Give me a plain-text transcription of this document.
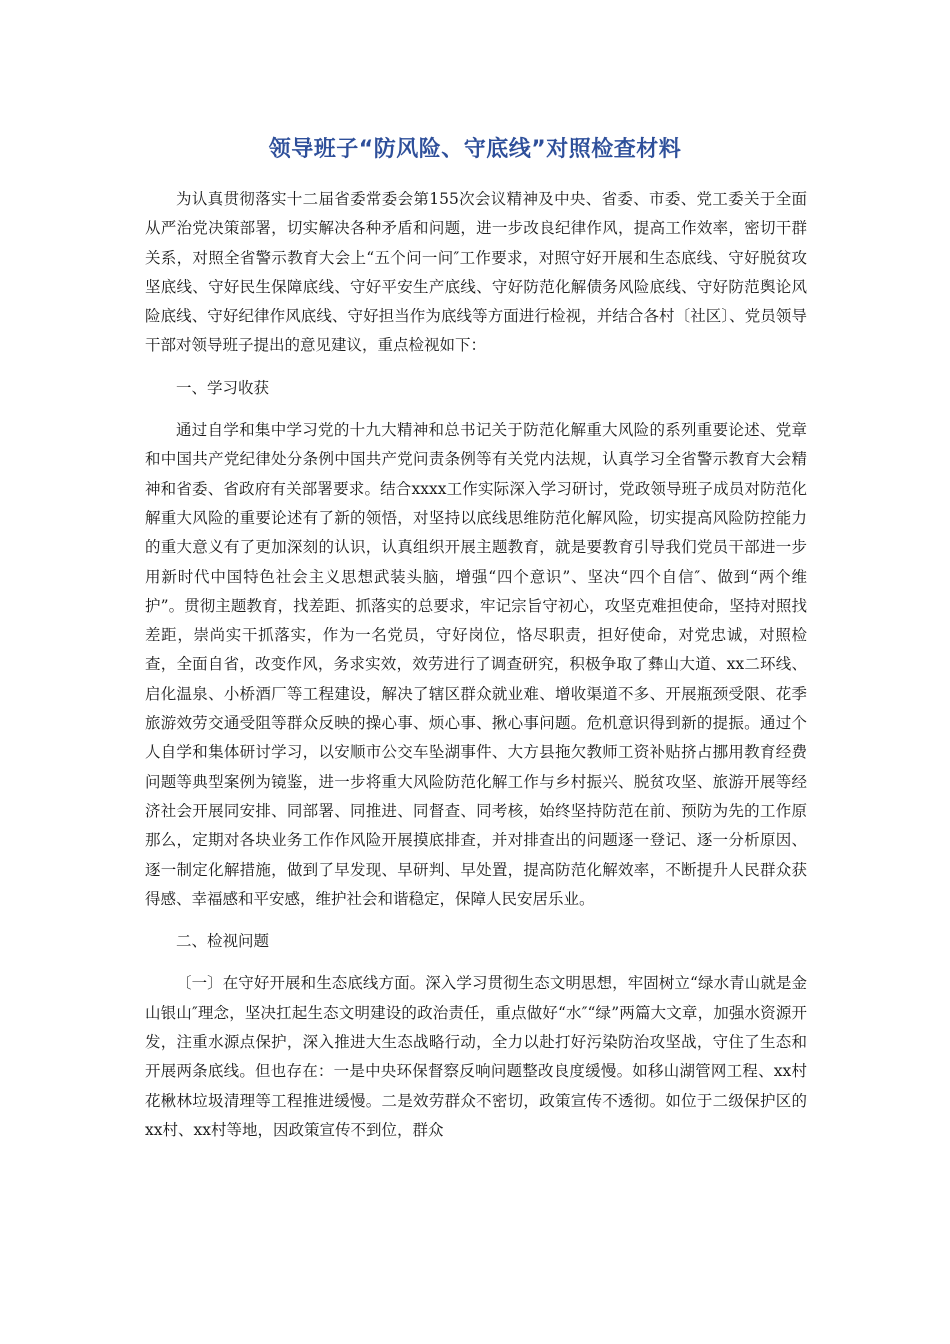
领导班子“防风险、守底线”对照检查材料

为认真贯彻落实十二届省委常委会第155次会议精神及中央、省委、市委、党工委关于全面从严治党决策部署，切实解决各种矛盾和问题，进一步改良纪律作风，提高工作效率，密切干群关系，对照全省警示教育大会上“五个问一问″工作要求，对照守好开展和生态底线、守好脱贫攻坚底线、守好民生保障底线、守好平安生产底线、守好防范化解债务风险底线、守好防范舆论风险底线、守好纪律作风底线、守好担当作为底线等方面进行检视，并结合各村〔社区〕、党员领导干部对领导班子提出的意见建议，重点检视如下：

一、学习收获

通过自学和集中学习党的十九大精神和总书记关于防范化解重大风险的系列重要论述、党章和中国共产党纪律处分条例中国共产党问责条例等有关党内法规，认真学习全省警示教育大会精神和省委、省政府有关部署要求。结合xxxx工作实际深入学习研讨，党政领导班子成员对防范化解重大风险的重要论述有了新的领悟，对坚持以底线思维防范化解风险，切实提高风险防控能力的重大意义有了更加深刻的认识，认真组织开展主题教育，就是要教育引导我们党员干部进一步用新时代中国特色社会主义思想武装头脑，增强“四个意识”、坚决“四个自信″、做到“两个维护”。贯彻主题教育，找差距、抓落实的总要求，牢记宗旨守初心，攻坚克难担使命，坚持对照找差距，崇尚实干抓落实，作为一名党员，守好岗位，恪尽职责，担好使命，对党忠诚，对照检查，全面自省，改变作风，务求实效，效劳进行了调查研究，积极争取了彝山大道、xx二环线、启化温泉、小桥酒厂等工程建设，解决了辖区群众就业难、增收渠道不多、开展瓶颈受限、花季旅游效劳交通受阻等群众反映的操心事、烦心事、揪心事问题。危机意识得到新的提振。通过个人自学和集体研讨学习，以安顺市公交车坠湖事件、大方县拖欠教师工资补贴挤占挪用教育经费问题等典型案例为镜鉴，进一步将重大风险防范化解工作与乡村振兴、脱贫攻坚、旅游开展等经济社会开展同安排、同部署、同推进、同督查、同考核，始终坚持防范在前、预防为先的工作原那么，定期对各块业务工作作风险开展摸底排查，并对排查出的问题逐一登记、逐一分析原因、逐一制定化解措施，做到了早发现、早研判、早处置，提高防范化解效率，不断提升人民群众获得感、幸福感和平安感，维护社会和谐稳定，保障人民安居乐业。

二、检视问题

〔一〕在守好开展和生态底线方面。深入学习贯彻生态文明思想，牢固树立“绿水青山就是金山银山″理念，坚决扛起生态文明建设的政治责任，重点做好“水″“绿”两篇大文章，加强水资源开发，注重水源点保护，深入推进大生态战略行动，全力以赴打好污染防治攻坚战，守住了生态和开展两条底线。但也存在：一是中央环保督察反响问题整改良度缓慢。如移山湖管网工程、xx村花楸林垃圾清理等工程推进缓慢。二是效劳群众不密切，政策宣传不透彻。如位于二级保护区的xx村、xx村等地，因政策宣传不到位，群众
